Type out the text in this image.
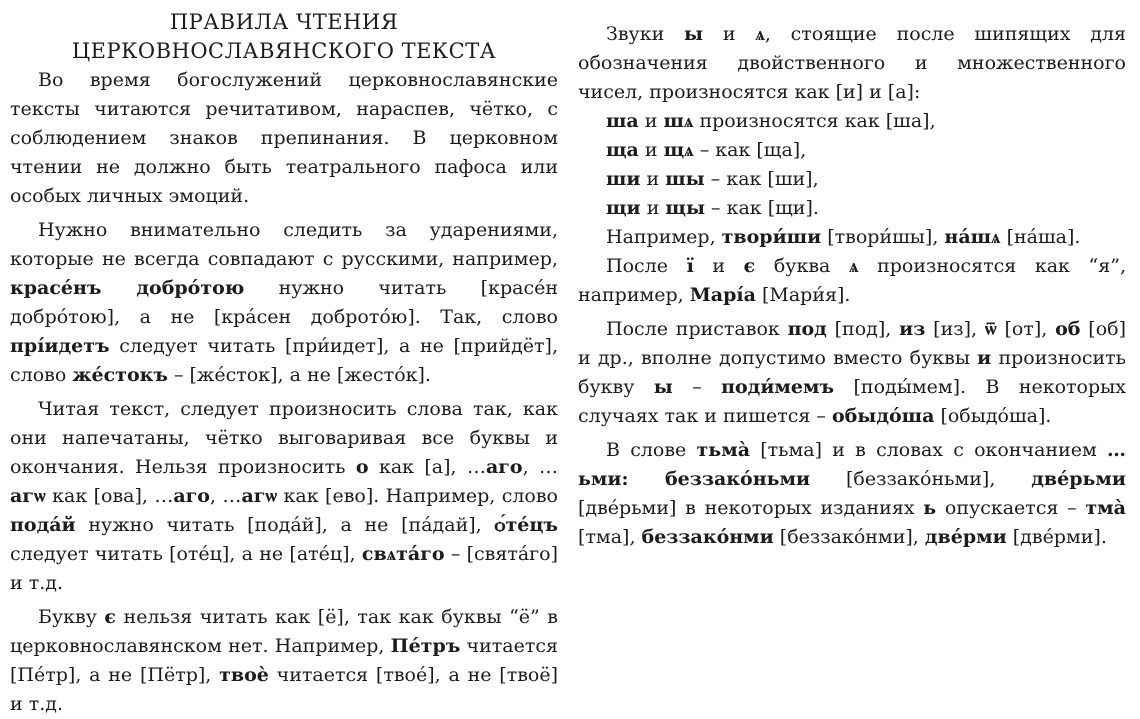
ПРАВИЛА ЧТЕНИЯ
ЦЕРКОВНОСЛАВЯНСКОГО ТЕКСТА

Во время богослужений церковнославянские тексты читаются речитативом, нараспев, чётко, с соблюдением знаков препинания. В церковном чтении не должно быть театрального пафоса или особых личных эмоций.

Нужно внимательно следить за ударениями, которые не всегда совпадают с русскими, например, красе́нъ добро́тою нужно читать [красе́н добро́тою], а не [кра́сен доброто́ю]. Так, слово прі́идетъ следует читать [при́идет], а не [прийдёт], слово же́стокъ – [же́сток], а не [жесто́к].

Читая текст, следует произносить слова так, как они напечатаны, чётко выговаривая все буквы и окончания. Нельзя произносить о как [а], …аго, …агѡ как [ова], …аго, …агѡ как [ево]. Например, слово пода́й нужно читать [пода́й], а не [па́дай], ѻ́те́цъ следует читать [оте́ц], а не [ате́ц], свѧта́го – [свята́го] и т.д.

Букву є нельзя читать как [ё], так как буквы “ё” в церковнославянском нет. Например, Пе́тръ читается [Пе́тр], а не [Пётр], твоѐ читается [твое́], а не [твоё] и т.д.

Звуки ы и ѧ, стоящие после шипящих для обозначения двойственного и множественного чисел, произносятся как [и] и [а]:

ша и шѧ произносятся как [ша],
ща и щѧ – как [ща],
ши и шы – как [ши],
щи и щы – как [щи].
Например, твори́ши [твори́шы], на́шѧ [на́ша].

После ї и є буква ѧ произносятся как “я”, например, Марі́а [Мари́я].

После приставок под [под], из [из], ѿ [от], об [об] и др., вполне допустимо вместо буквы и произносить букву ы – поди́мемъ [поды́мем]. В некоторых случаях так и пишется – обыдо́ша [обыдо́ша].

В слове тьма̀ [тьма] и в словах с окончанием …ьми: беззако́ньми [беззако́ньми], две́рьми [две́рьми] в некоторых изданиях ь опускается – тма̀ [тма], беззако́нми [беззако́нми], две́рми [две́рми].
